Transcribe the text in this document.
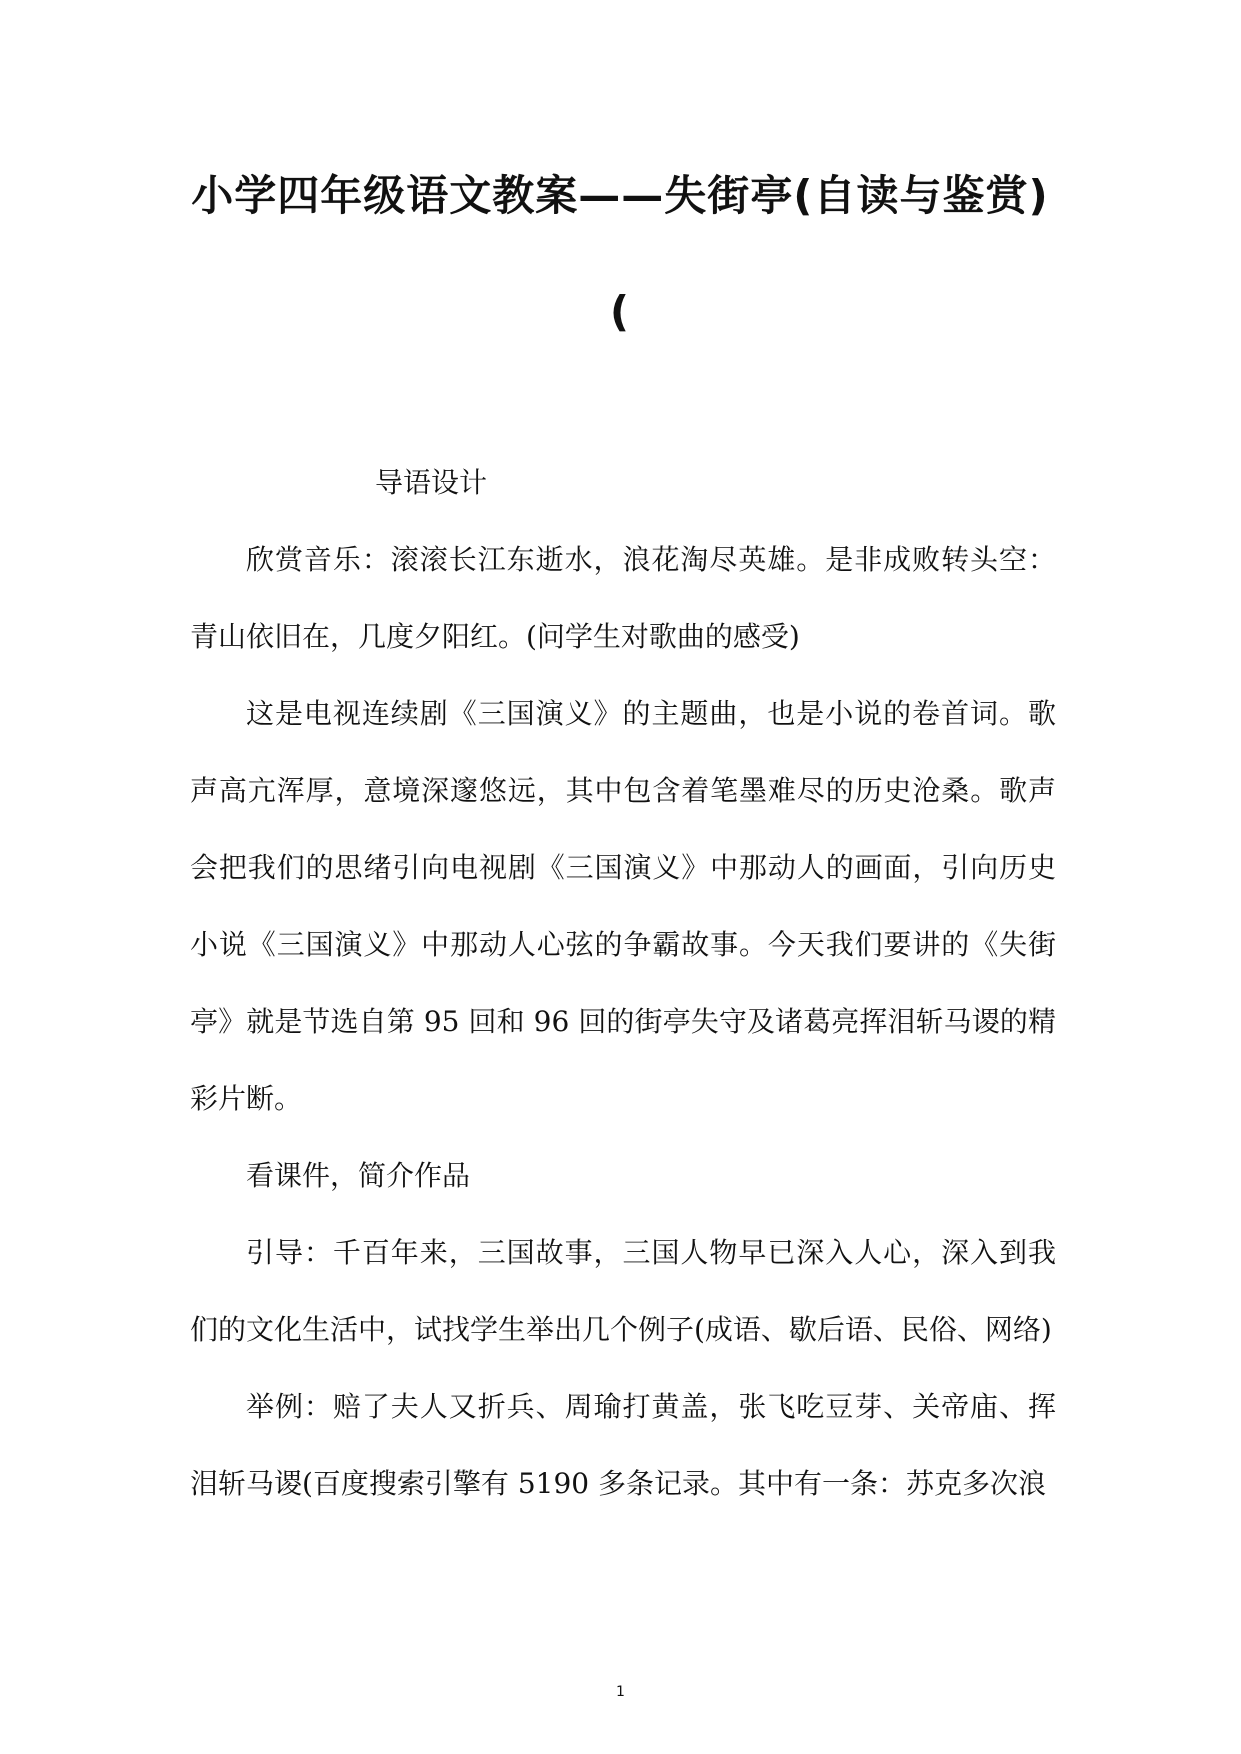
小学四年级语文教案——失街亭(自读与鉴赏)(

导语设计

欣赏音乐：滚滚长江东逝水，浪花淘尽英雄。是非成败转头空：青山依旧在，几度夕阳红。(问学生对歌曲的感受)

这是电视连续剧《三国演义》的主题曲，也是小说的卷首词。歌声高亢浑厚，意境深邃悠远，其中包含着笔墨难尽的历史沧桑。歌声会把我们的思绪引向电视剧《三国演义》中那动人的画面，引向历史小说《三国演义》中那动人心弦的争霸故事。今天我们要讲的《失街亭》就是节选自第 95 回和 96 回的街亭失守及诸葛亮挥泪斩马谡的精彩片断。

看课件，简介作品

引导：千百年来，三国故事，三国人物早已深入人心，深入到我们的文化生活中，试找学生举出几个例子(成语、歇后语、民俗、网络)

举例：赔了夫人又折兵、周瑜打黄盖，张飞吃豆芽、关帝庙、挥泪斩马谡(百度搜索引擎有 5190 多条记录。其中有一条：苏克多次浪

1
